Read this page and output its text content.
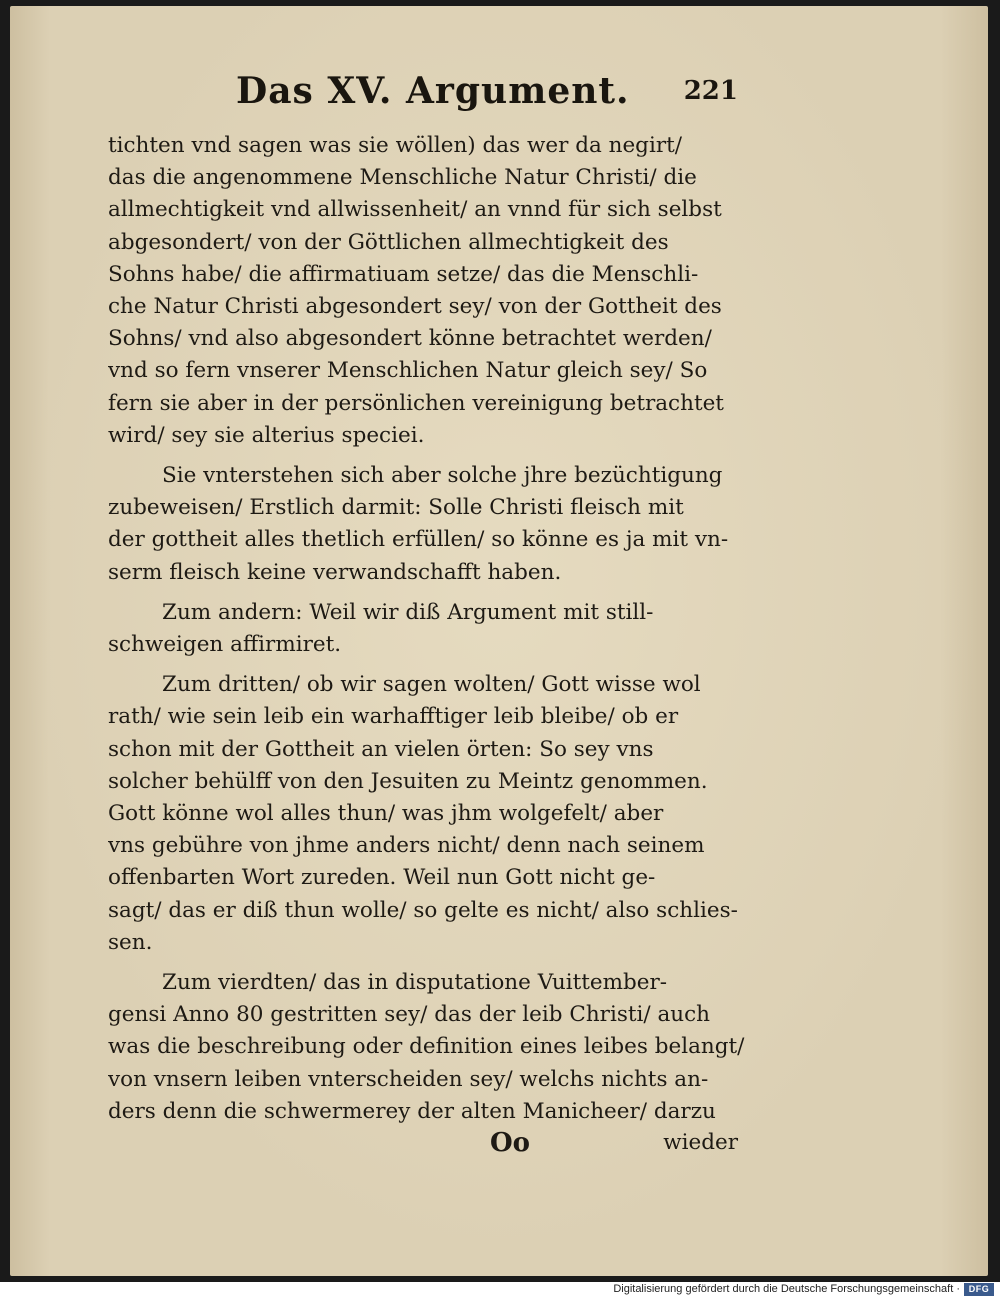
Das XV. Argument. 221

tichten vnd sagen was sie wöllen) das wer da negirt/
das die angenommene Menschliche Natur Christi/ die
allmechtigkeit vnd allwissenheit/ an vnnd für sich selbst
abgesondert/ von der Göttlichen allmechtigkeit des
Sohns habe/ die affirmatiuam setze/ das die Menschli-
che Natur Christi abgesondert sey/ von der Gottheit des
Sohns/ vnd also abgesondert könne betrachtet werden/
vnd so fern vnserer Menschlichen Natur gleich sey/ So
fern sie aber in der persönlichen vereinigung betrachtet
wird/ sey sie alterius speciei.

Sie vnterstehen sich aber solche jhre bezüchtigung
zubeweisen/ Erstlich darmit: Solle Christi fleisch mit
der gottheit alles thetlich erfüllen/ so könne es ja mit vn-
serm fleisch keine verwandschafft haben.

Zum andern: Weil wir diß Argument mit still-
schweigen affirmiret.

Zum dritten/ ob wir sagen wolten/ Gott wisse wol
rath/ wie sein leib ein warhafftiger leib bleibe/ ob er
schon mit der Gottheit an vielen örten: So sey vns
solcher behülff von den Jesuiten zu Meintz genommen.
Gott könne wol alles thun/ was jhm wolgefelt/ aber
vns gebühre von jhme anders nicht/ denn nach seinem
offenbarten Wort zureden. Weil nun Gott nicht ge-
sagt/ das er diß thun wolle/ so gelte es nicht/ also schlies-
sen.

Zum vierdten/ das in disputatione Vuittember-
gensi Anno 80 gestritten sey/ das der leib Christi/ auch
was die beschreibung oder definition eines leibes belangt/
von vnsern leiben vnterscheiden sey/ welchs nichts an-
ders denn die schwermerey der alten Manicheer/ darzu

Oo	wieder
Digitalisierung gefördert durch die Deutsche Forschungsgemeinschaft · DFG
